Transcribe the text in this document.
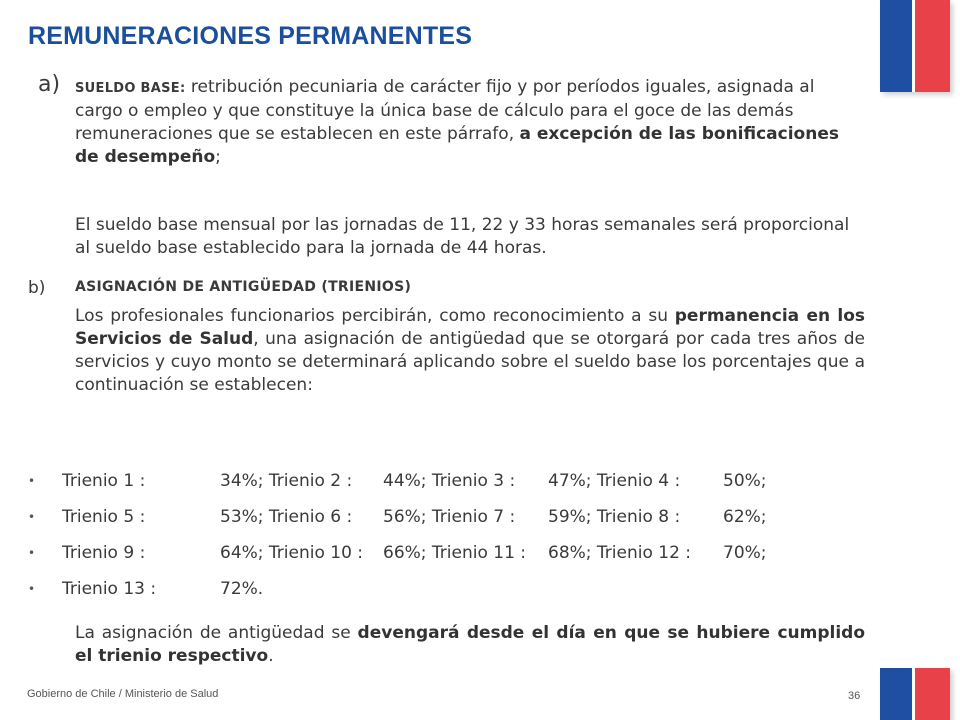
REMUNERACIONES PERMANENTES
a) SUELDO BASE: retribución pecuniaria de carácter fijo y por períodos iguales, asignada al cargo o empleo y que constituye la única base de cálculo para el goce de las demás remuneraciones que se establecen en este párrafo, a excepción de las bonificaciones de desempeño;
El sueldo base mensual por las jornadas de 11, 22 y 33 horas semanales será proporcional al sueldo base establecido para la jornada de 44 horas.
b) ASIGNACIÓN DE ANTIGÜEDAD (TRIENIOS)
Los profesionales funcionarios percibirán, como reconocimiento a su permanencia en los Servicios de Salud, una asignación de antigüedad que se otorgará por cada tres años de servicios y cuyo monto se determinará aplicando sobre el sueldo base los porcentajes que a continuación se establecen:
• Trienio 1 :	34%; Trienio 2 : 44%; Trienio 3 : 47%; Trienio 4 :	50%;
• Trienio 5 :	53%; Trienio 6 : 56%; Trienio 7 : 59%; Trienio 8 :	62%;
• Trienio 9 :	64%; Trienio 10 : 66%; Trienio 11 : 68%; Trienio 12 : 70%;
• Trienio 13 :	72%.
La asignación de antigüedad se devengará desde el día en que se hubiere cumplido el trienio respectivo.
Gobierno de Chile / Ministerio de Salud	36
